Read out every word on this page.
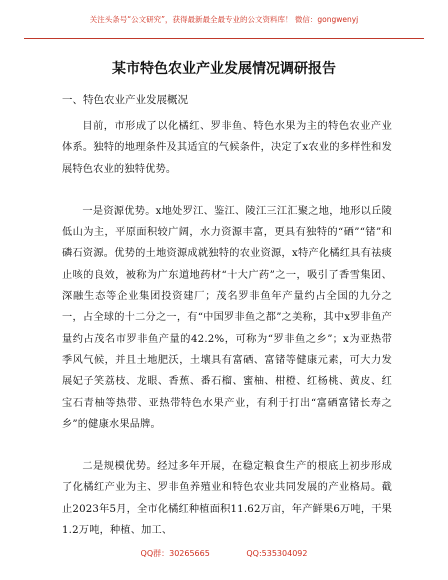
关注头条号“公文研究”，获得最新最全最专业的公文资料库！ 微信：gongwenyj
某市特色农业产业发展情况调研报告
一、特色农业产业发展概况

目前，市形成了以化橘红、罗非鱼、特色水果为主的特色农业产业体系。独特的地理条件及其适宜的气候条件，决定了x农业的多样性和发展特色农业的独特优势。

一是资源优势。x地处罗江、鉴江、陵江三江汇聚之地，地形以丘陵低山为主，平原面积较广阔，水力资源丰富，更具有独特的“硒”“锗”和磷石资源。优势的土地资源成就独特的农业资源，x特产化橘红具有祛痰止咳的良效，被称为广东道地药材“十大广药”之一，吸引了香雪集团、深融生态等企业集团投资建厂；茂名罗非鱼年产量约占全国的九分之一，占全球的十二分之一，有“中国罗非鱼之都”之美称，其中x罗非鱼产量约占茂名市罗非鱼产量的42.2%，可称为“罗非鱼之乡”；x为亚热带季风气候，并且土地肥沃，土壤具有富硒、富锗等健康元素，可大力发展妃子笑荔枝、龙眼、香蕉、番石榴、蜜柚、柑橙、红杨桃、黄皮、红宝石青柚等热带、亚热带特色水果产业，有利于打出“富硒富锗长寿之乡”的健康水果品牌。

二是规模优势。经过多年开展，在稳定粮食生产的根底上初步形成了化橘红产业为主、罗非鱼养殖业和特色农业共同发展的产业格局。截止2023年5月，全市化橘红种植面积11.62万亩，年产鲜果6万吨，干果1.2万吨，种植、加工、

QQ群：30265665	QQ:535304092
